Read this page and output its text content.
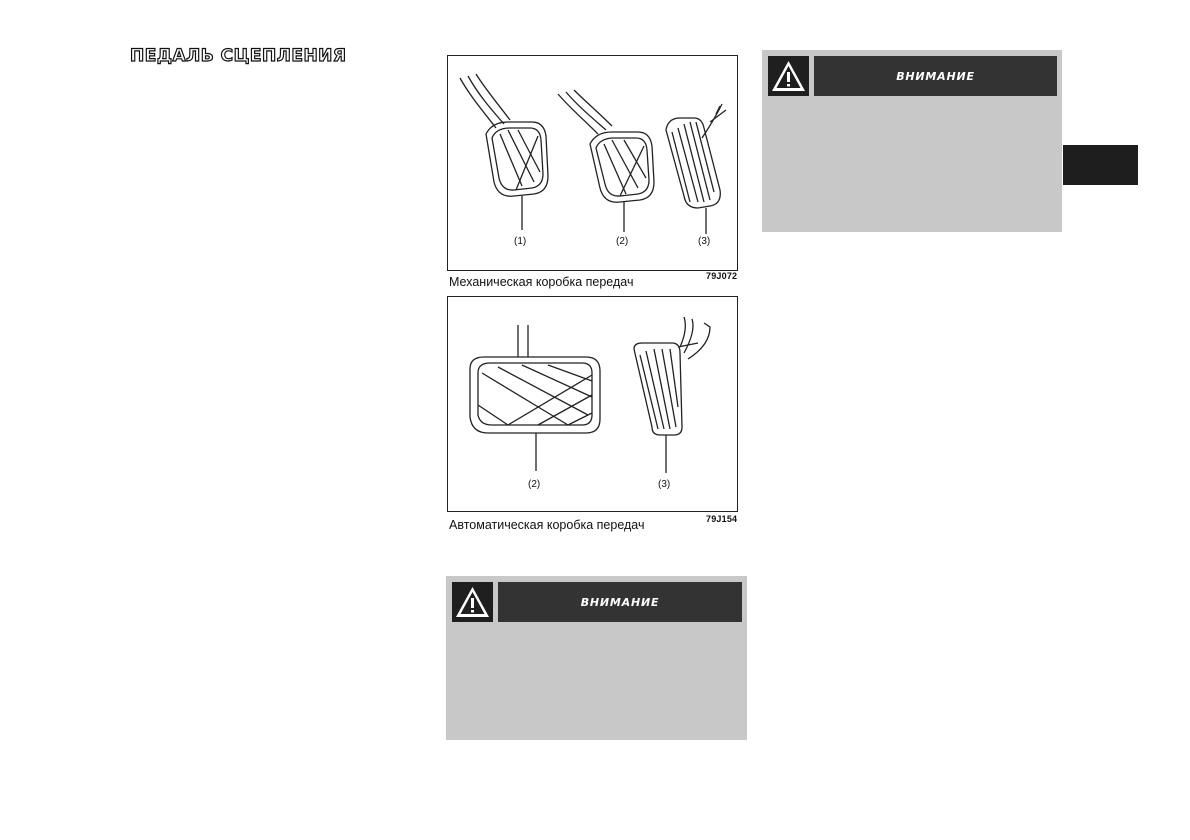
ПЕДАЛЬ СЦЕПЛЕНИЯ
(1)	(2)	(3)
Механическая коробка передач	79J072
(2)	(3)
Автоматическая коробка передач	79J154
ВНИМАНИЕ
ВНИМАНИЕ
